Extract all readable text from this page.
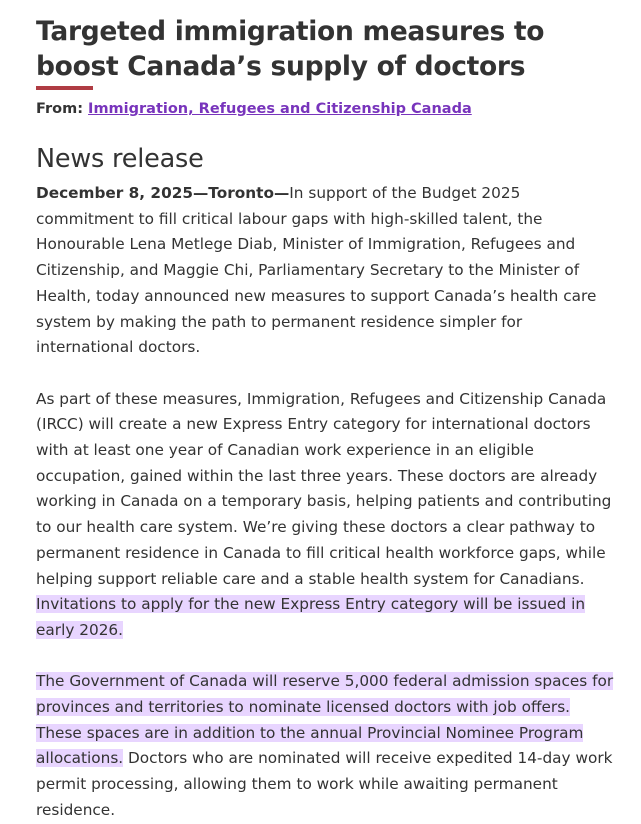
Targeted immigration measures to boost Canada’s supply of doctors
From: Immigration, Refugees and Citizenship Canada
News release

December 8, 2025—Toronto—In support of the Budget 2025 commitment to fill critical labour gaps with high-skilled talent, the Honourable Lena Metlege Diab, Minister of Immigration, Refugees and Citizenship, and Maggie Chi, Parliamentary Secretary to the Minister of Health, today announced new measures to support Canada’s health care system by making the path to permanent residence simpler for international doctors.

As part of these measures, Immigration, Refugees and Citizenship Canada (IRCC) will create a new Express Entry category for international doctors with at least one year of Canadian work experience in an eligible occupation, gained within the last three years. These doctors are already working in Canada on a temporary basis, helping patients and contributing to our health care system. We’re giving these doctors a clear pathway to permanent residence in Canada to fill critical health workforce gaps, while helping support reliable care and a stable health system for Canadians. Invitations to apply for the new Express Entry category will be issued in early 2026.

The Government of Canada will reserve 5,000 federal admission spaces for provinces and territories to nominate licensed doctors with job offers. These spaces are in addition to the annual Provincial Nominee Program allocations. Doctors who are nominated will receive expedited 14-day work permit processing, allowing them to work while awaiting permanent residence.
